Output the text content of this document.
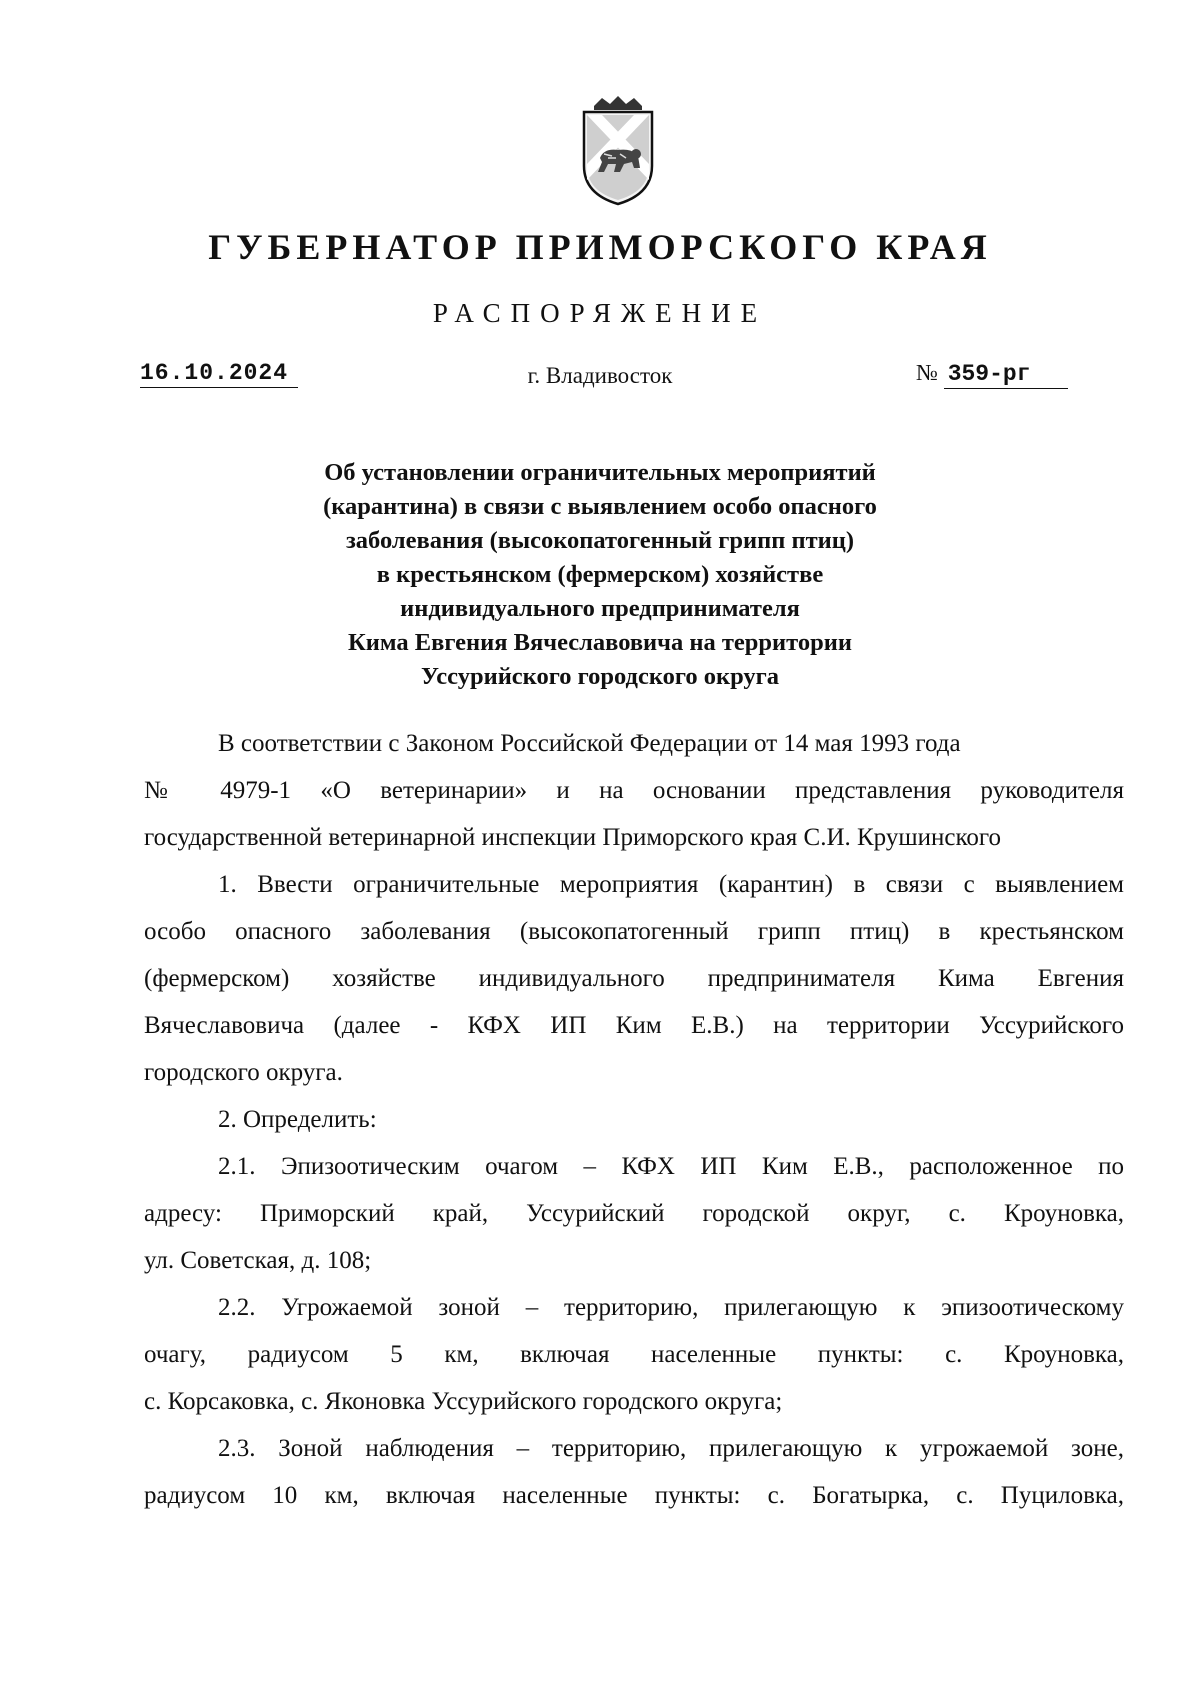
ГУБЕРНАТОР ПРИМОРСКОГО КРАЯ
РАСПОРЯЖЕНИЕ
16.10.2024	г. Владивосток	№ 359-рг
Об установлении ограничительных мероприятий
(карантина) в связи с выявлением особо опасного
заболевания (высокопатогенный грипп птиц)
в крестьянском (фермерском) хозяйстве
индивидуального предпринимателя
Кима Евгения Вячеславовича на территории
Уссурийского городского округа
В соответствии с Законом Российской Федерации от 14 мая 1993 года
№ 4979-1 «О ветеринарии» и на основании представления руководителя
государственной ветеринарной инспекции Приморского края С.И. Крушинского
1. Ввести ограничительные мероприятия (карантин) в связи с выявлением
особо опасного заболевания (высокопатогенный грипп птиц) в крестьянском
(фермерском) хозяйстве индивидуального предпринимателя Кима Евгения
Вячеславовича (далее - КФХ ИП Ким Е.В.) на территории Уссурийского
городского округа.
2. Определить:
2.1. Эпизоотическим очагом – КФХ ИП Ким Е.В., расположенное по
адресу: Приморский край, Уссурийский городской округ, с. Кроуновка,
ул. Советская, д. 108;
2.2. Угрожаемой зоной – территорию, прилегающую к эпизоотическому
очагу, радиусом 5 км, включая населенные пункты: с. Кроуновка,
с. Корсаковка, с. Яконовка Уссурийского городского округа;
2.3. Зоной наблюдения – территорию, прилегающую к угрожаемой зоне,
радиусом 10 км, включая населенные пункты: с. Богатырка, с. Пуциловка,
